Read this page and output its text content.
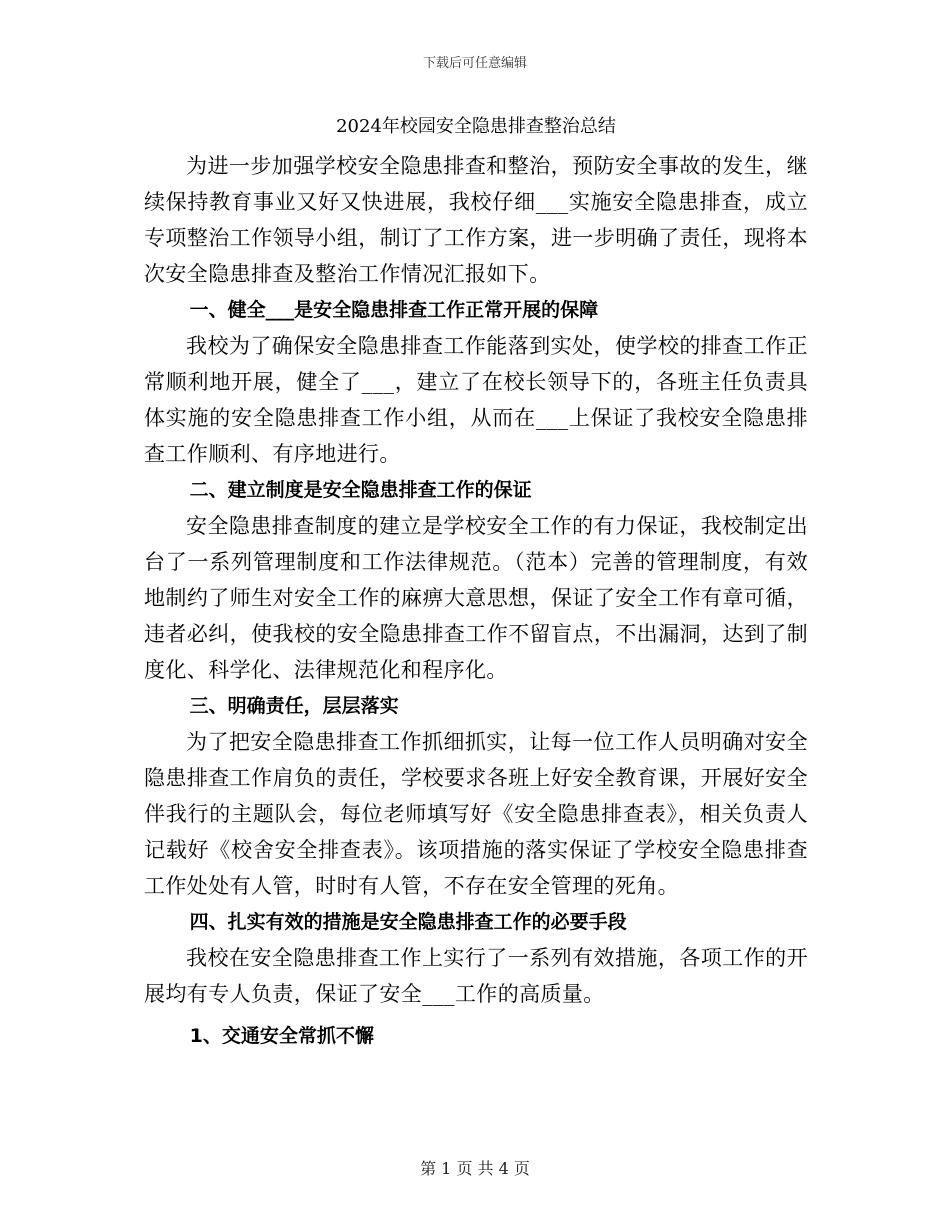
下载后可任意编辑
2024年校园安全隐患排查整治总结

为进一步加强学校安全隐患排查和整治，预防安全事故的发生，继续保持教育事业又好又快进展，我校仔细___实施安全隐患排查，成立专项整治工作领导小组，制订了工作方案，进一步明确了责任，现将本次安全隐患排查及整治工作情况汇报如下。

一、健全___是安全隐患排查工作正常开展的保障

我校为了确保安全隐患排查工作能落到实处，使学校的排查工作正常顺利地开展，健全了___，建立了在校长领导下的，各班主任负责具体实施的安全隐患排查工作小组，从而在___上保证了我校安全隐患排查工作顺利、有序地进行。

二、建立制度是安全隐患排查工作的保证

安全隐患排查制度的建立是学校安全工作的有力保证，我校制定出台了一系列管理制度和工作法律规范。（范本）完善的管理制度，有效地制约了师生对安全工作的麻痹大意思想，保证了安全工作有章可循，违者必纠，使我校的安全隐患排查工作不留盲点，不出漏洞，达到了制度化、科学化、法律规范化和程序化。

三、明确责任，层层落实

为了把安全隐患排查工作抓细抓实，让每一位工作人员明确对安全隐患排查工作肩负的责任，学校要求各班上好安全教育课，开展好安全伴我行的主题队会，每位老师填写好《安全隐患排查表》，相关负责人记载好《校舍安全排查表》。该项措施的落实保证了学校安全隐患排查工作处处有人管，时时有人管，不存在安全管理的死角。

四、扎实有效的措施是安全隐患排查工作的必要手段

我校在安全隐患排查工作上实行了一系列有效措施，各项工作的开展均有专人负责，保证了安全___工作的高质量。

1、交通安全常抓不懈

第 1 页 共 4 页
